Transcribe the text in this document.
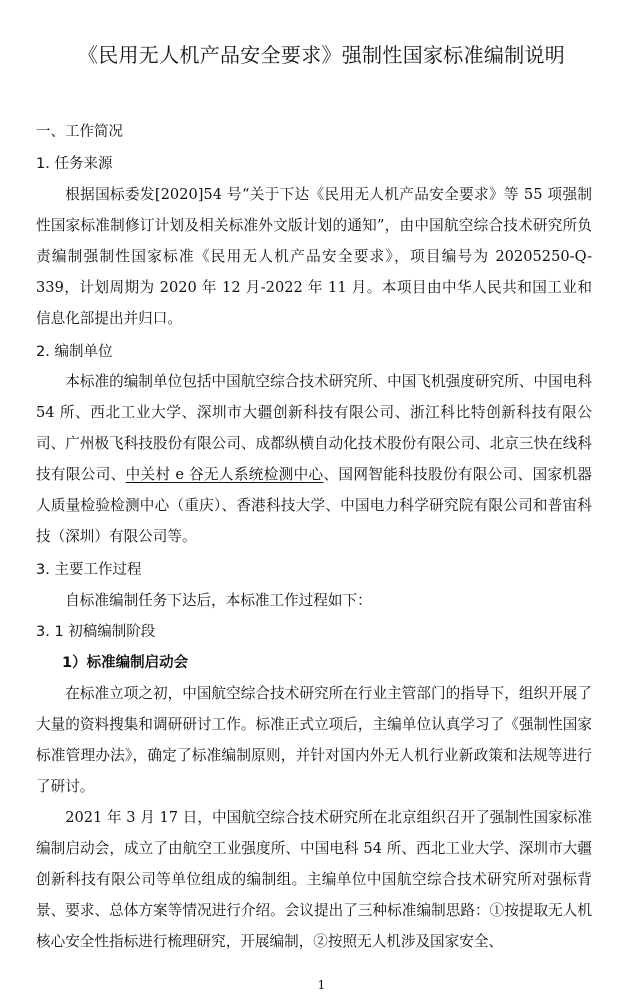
《民用无人机产品安全要求》强制性国家标准编制说明
一、工作简况
1. 任务来源
根据国标委发[2020]54 号“关于下达《民用无人机产品安全要求》等 55 项强制性国家标准制修订计划及相关标准外文版计划的通知”，由中国航空综合技术研究所负责编制强制性国家标准《民用无人机产品安全要求》，项目编号为 20205250-Q-339，计划周期为 2020 年 12 月-2022 年 11 月。本项目由中华人民共和国工业和信息化部提出并归口。
2. 编制单位
本标准的编制单位包括中国航空综合技术研究所、中国飞机强度研究所、中国电科 54 所、西北工业大学、深圳市大疆创新科技有限公司、浙江科比特创新科技有限公司、广州极飞科技股份有限公司、成都纵横自动化技术股份有限公司、北京三快在线科技有限公司、中关村 e 谷无人系统检测中心、国网智能科技股份有限公司、国家机器人质量检验检测中心（重庆）、香港科技大学、中国电力科学研究院有限公司和普宙科技（深圳）有限公司等。
3. 主要工作过程
自标准编制任务下达后，本标准工作过程如下：
3. 1 初稿编制阶段
1）标准编制启动会
在标准立项之初，中国航空综合技术研究所在行业主管部门的指导下，组织开展了大量的资料搜集和调研研讨工作。标准正式立项后，主编单位认真学习了《强制性国家标准管理办法》，确定了标准编制原则，并针对国内外无人机行业新政策和法规等进行了研讨。
2021 年 3 月 17 日，中国航空综合技术研究所在北京组织召开了强制性国家标准编制启动会，成立了由航空工业强度所、中国电科 54 所、西北工业大学、深圳市大疆创新科技有限公司等单位组成的编制组。主编单位中国航空综合技术研究所对强标背景、要求、总体方案等情况进行介绍。会议提出了三种标准编制思路：①按提取无人机核心安全性指标进行梳理研究，开展编制，②按照无人机涉及国家安全、
1
